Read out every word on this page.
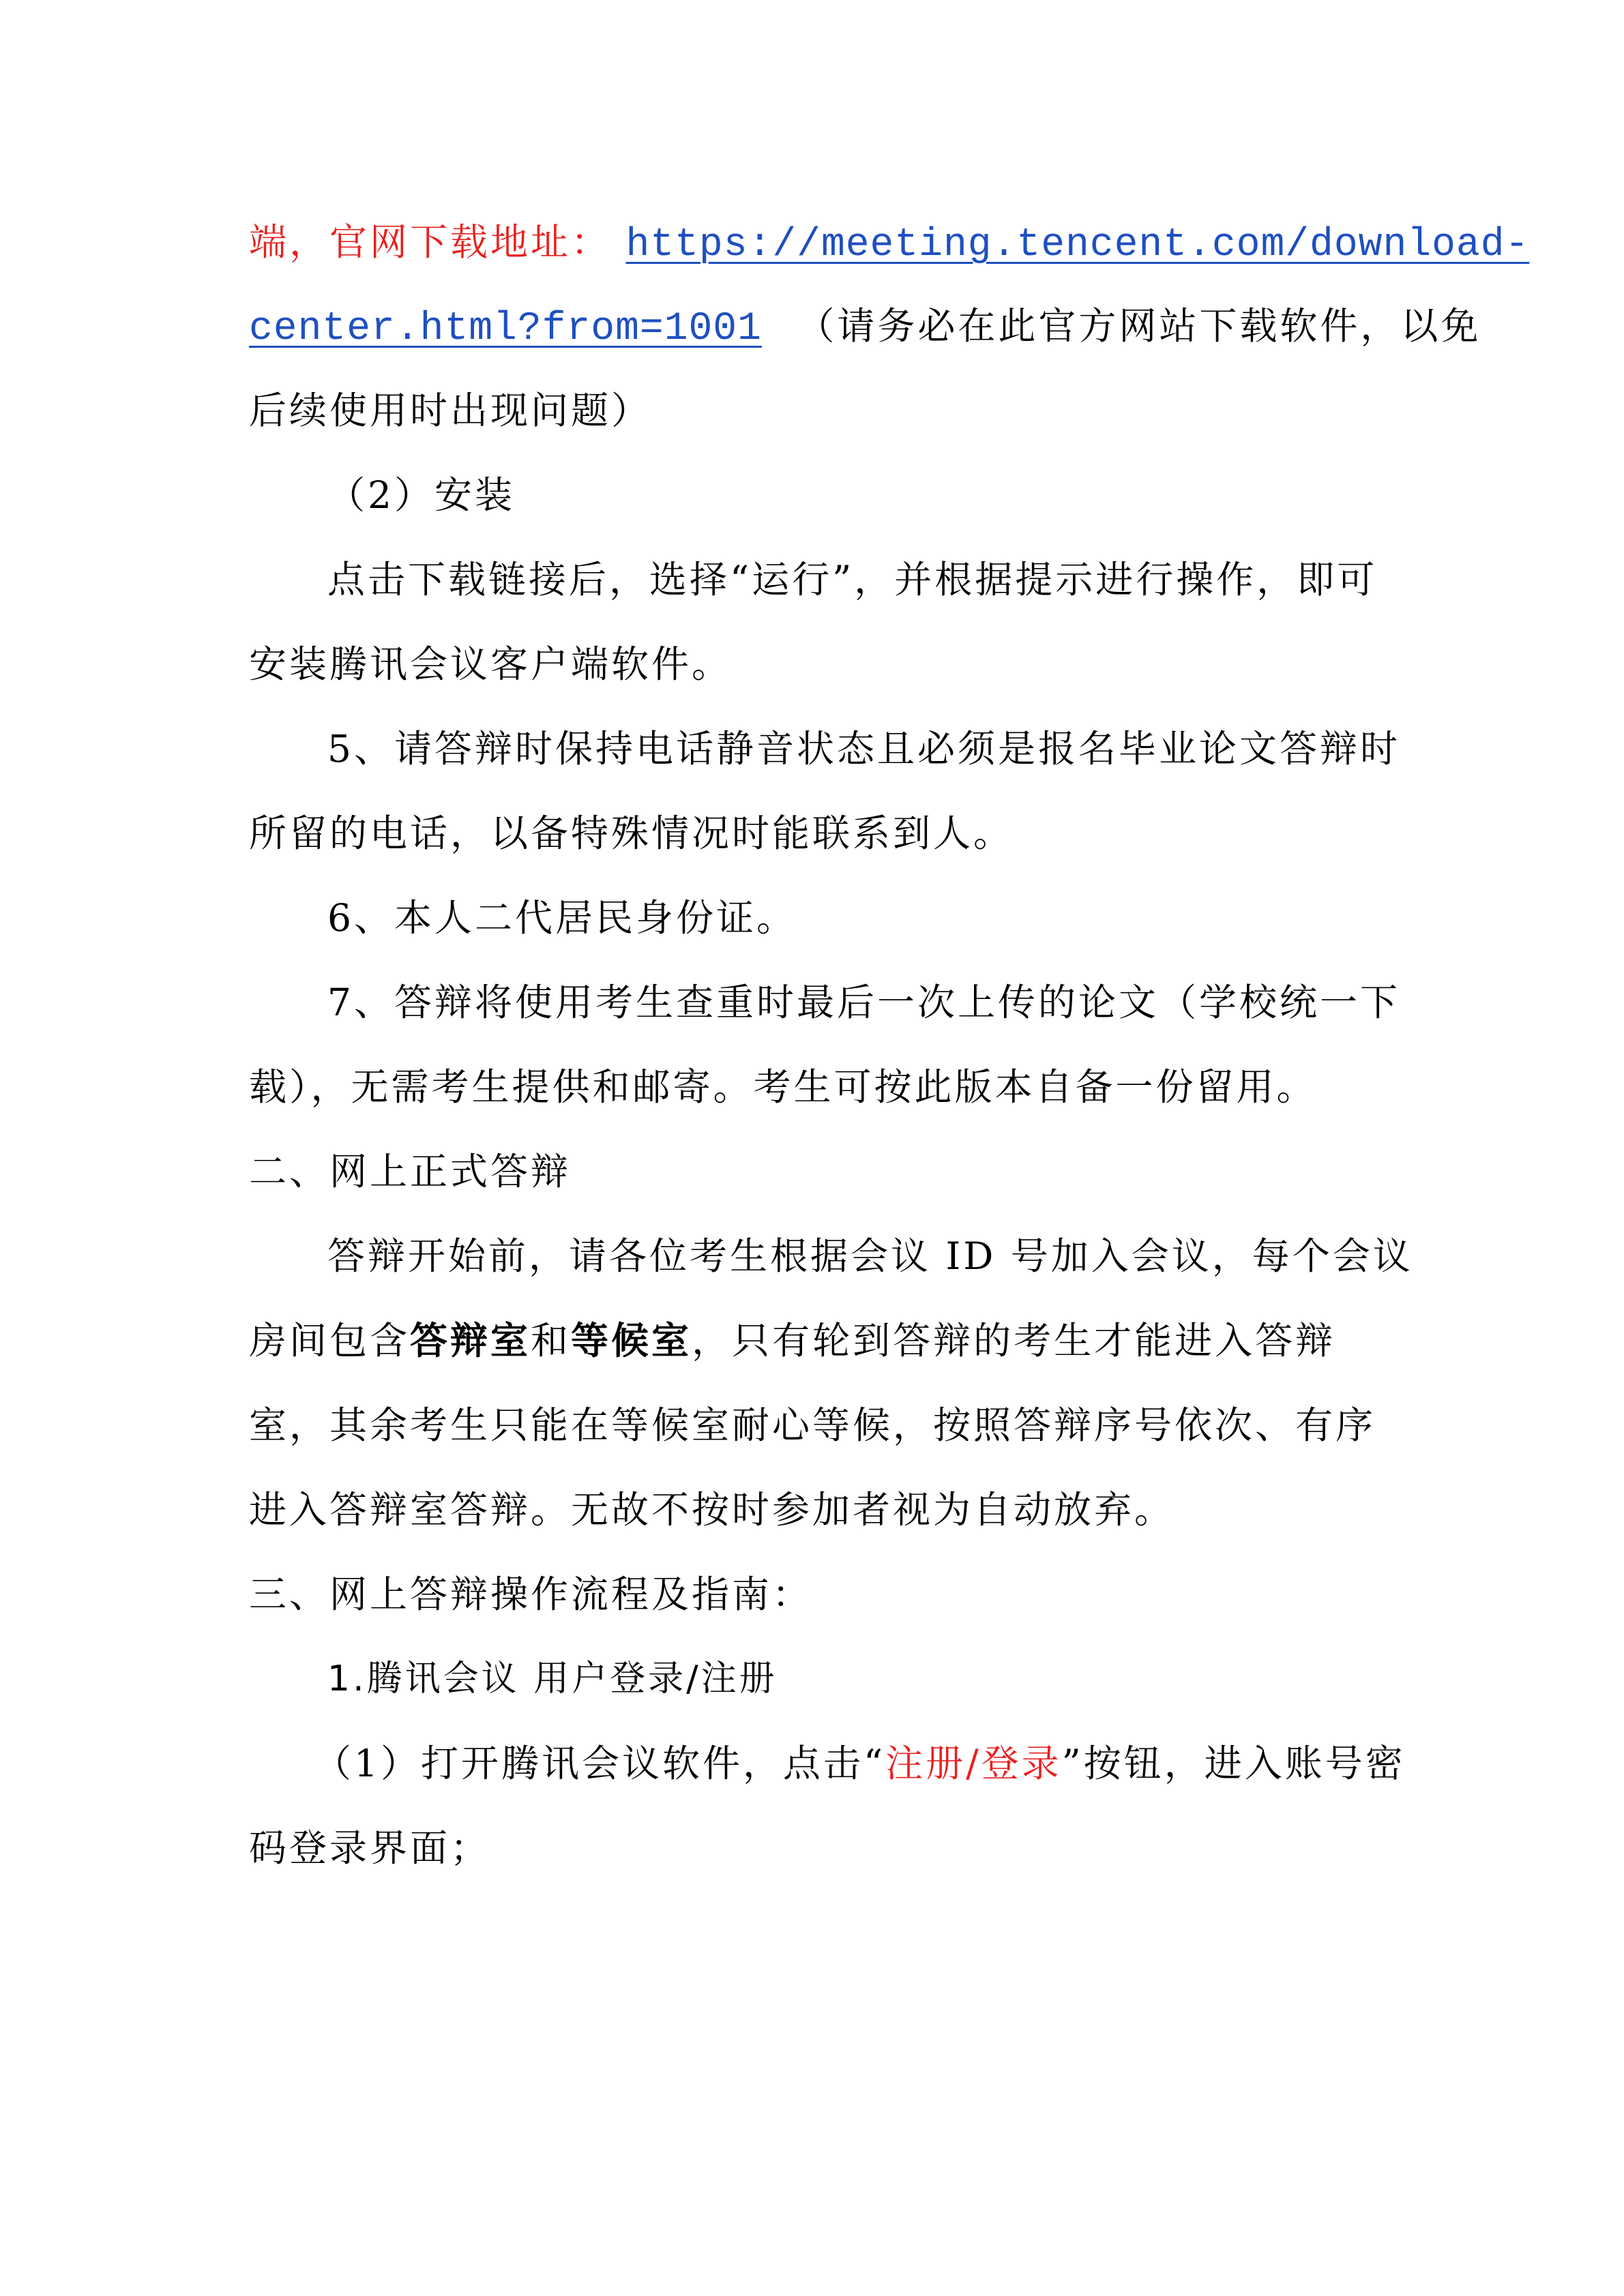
端，官网下载地址： https://meeting.tencent.com/download-
center.html?from=1001 （请务必在此官方网站下载软件，以免
后续使用时出现问题）
（2）安装
点击下载链接后，选择“运行”，并根据提示进行操作，即可
安装腾讯会议客户端软件。
5、请答辩时保持电话静音状态且必须是报名毕业论文答辩时
所留的电话，以备特殊情况时能联系到人。
6、本人二代居民身份证。
7、答辩将使用考生查重时最后一次上传的论文（学校统一下
载），无需考生提供和邮寄。考生可按此版本自备一份留用。
二、网上正式答辩
答辩开始前，请各位考生根据会议 ID 号加入会议，每个会议
房间包含答辩室和等候室，只有轮到答辩的考生才能进入答辩
室，其余考生只能在等候室耐心等候，按照答辩序号依次、有序
进入答辩室答辩。无故不按时参加者视为自动放弃。
三、网上答辩操作流程及指南：
1.腾讯会议 用户登录/注册
（1）打开腾讯会议软件，点击“注册/登录”按钮，进入账号密
码登录界面；
